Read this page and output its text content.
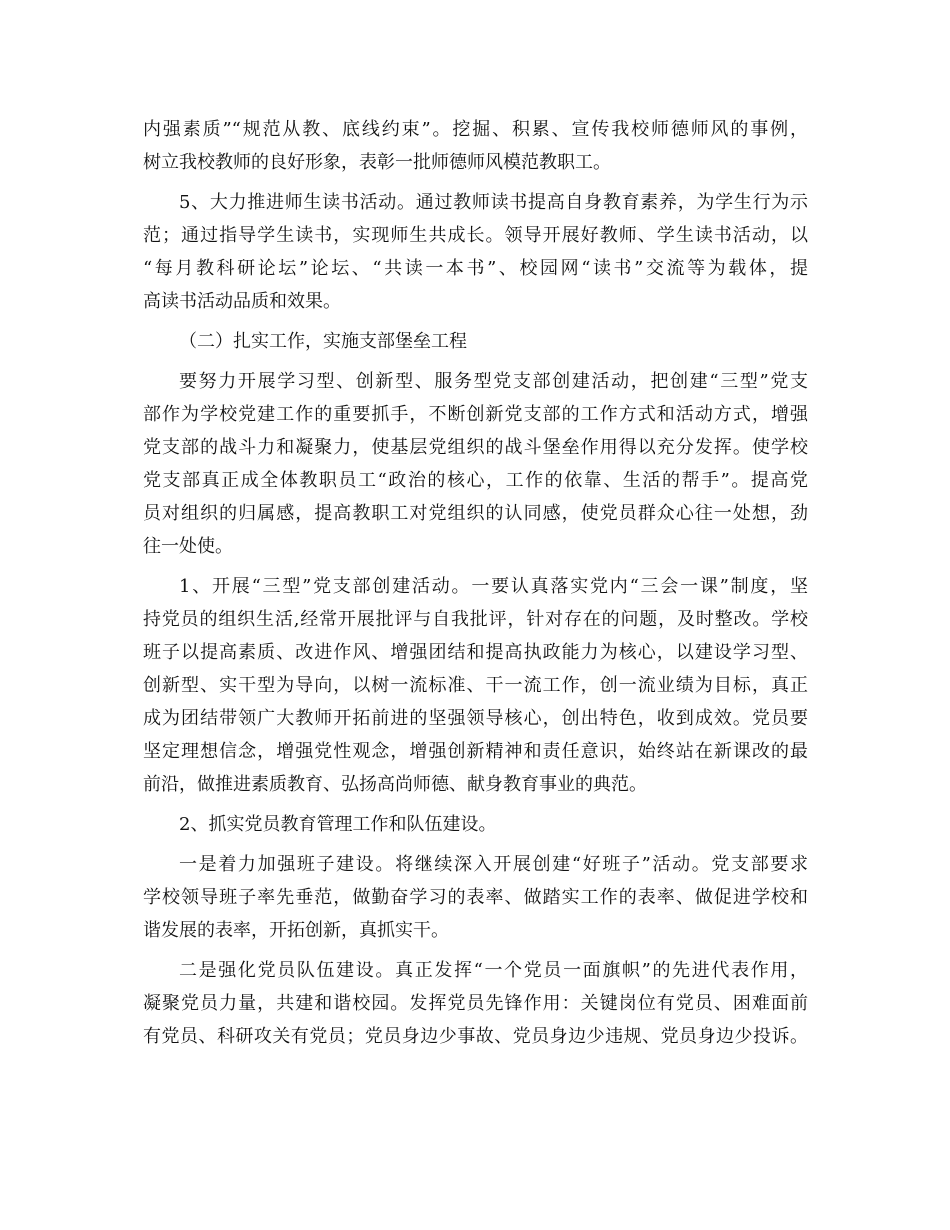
内强素质”“规范从教、底线约束”。挖掘、积累、宣传我校师德师风的事例，
树立我校教师的良好形象，表彰一批师德师风模范教职工。
5、大力推进师生读书活动。通过教师读书提高自身教育素养，为学生行为示
范；通过指导学生读书，实现师生共成长。领导开展好教师、学生读书活动，以
“每月教科研论坛”论坛、“共读一本书”、校园网“读书”交流等为载体，提
高读书活动品质和效果。
（二）扎实工作，实施支部堡垒工程
要努力开展学习型、创新型、服务型党支部创建活动，把创建“三型”党支
部作为学校党建工作的重要抓手，不断创新党支部的工作方式和活动方式，增强
党支部的战斗力和凝聚力，使基层党组织的战斗堡垒作用得以充分发挥。使学校
党支部真正成全体教职员工“政治的核心，工作的依靠、生活的帮手”。提高党
员对组织的归属感，提高教职工对党组织的认同感，使党员群众心往一处想，劲
往一处使。
1、开展“三型”党支部创建活动。一要认真落实党内“三会一课”制度，坚
持党员的组织生活,经常开展批评与自我批评，针对存在的问题，及时整改。学校
班子以提高素质、改进作风、增强团结和提高执政能力为核心，以建设学习型、
创新型、实干型为导向，以树一流标准、干一流工作，创一流业绩为目标，真正
成为团结带领广大教师开拓前进的坚强领导核心，创出特色，收到成效。党员要
坚定理想信念，增强党性观念，增强创新精神和责任意识，始终站在新课改的最
前沿，做推进素质教育、弘扬高尚师德、献身教育事业的典范。
2、抓实党员教育管理工作和队伍建设。
一是着力加强班子建设。将继续深入开展创建“好班子”活动。党支部要求
学校领导班子率先垂范，做勤奋学习的表率、做踏实工作的表率、做促进学校和
谐发展的表率，开拓创新，真抓实干。
二是强化党员队伍建设。真正发挥“一个党员一面旗帜”的先进代表作用，
凝聚党员力量，共建和谐校园。发挥党员先锋作用：关键岗位有党员、困难面前
有党员、科研攻关有党员；党员身边少事故、党员身边少违规、党员身边少投诉。
